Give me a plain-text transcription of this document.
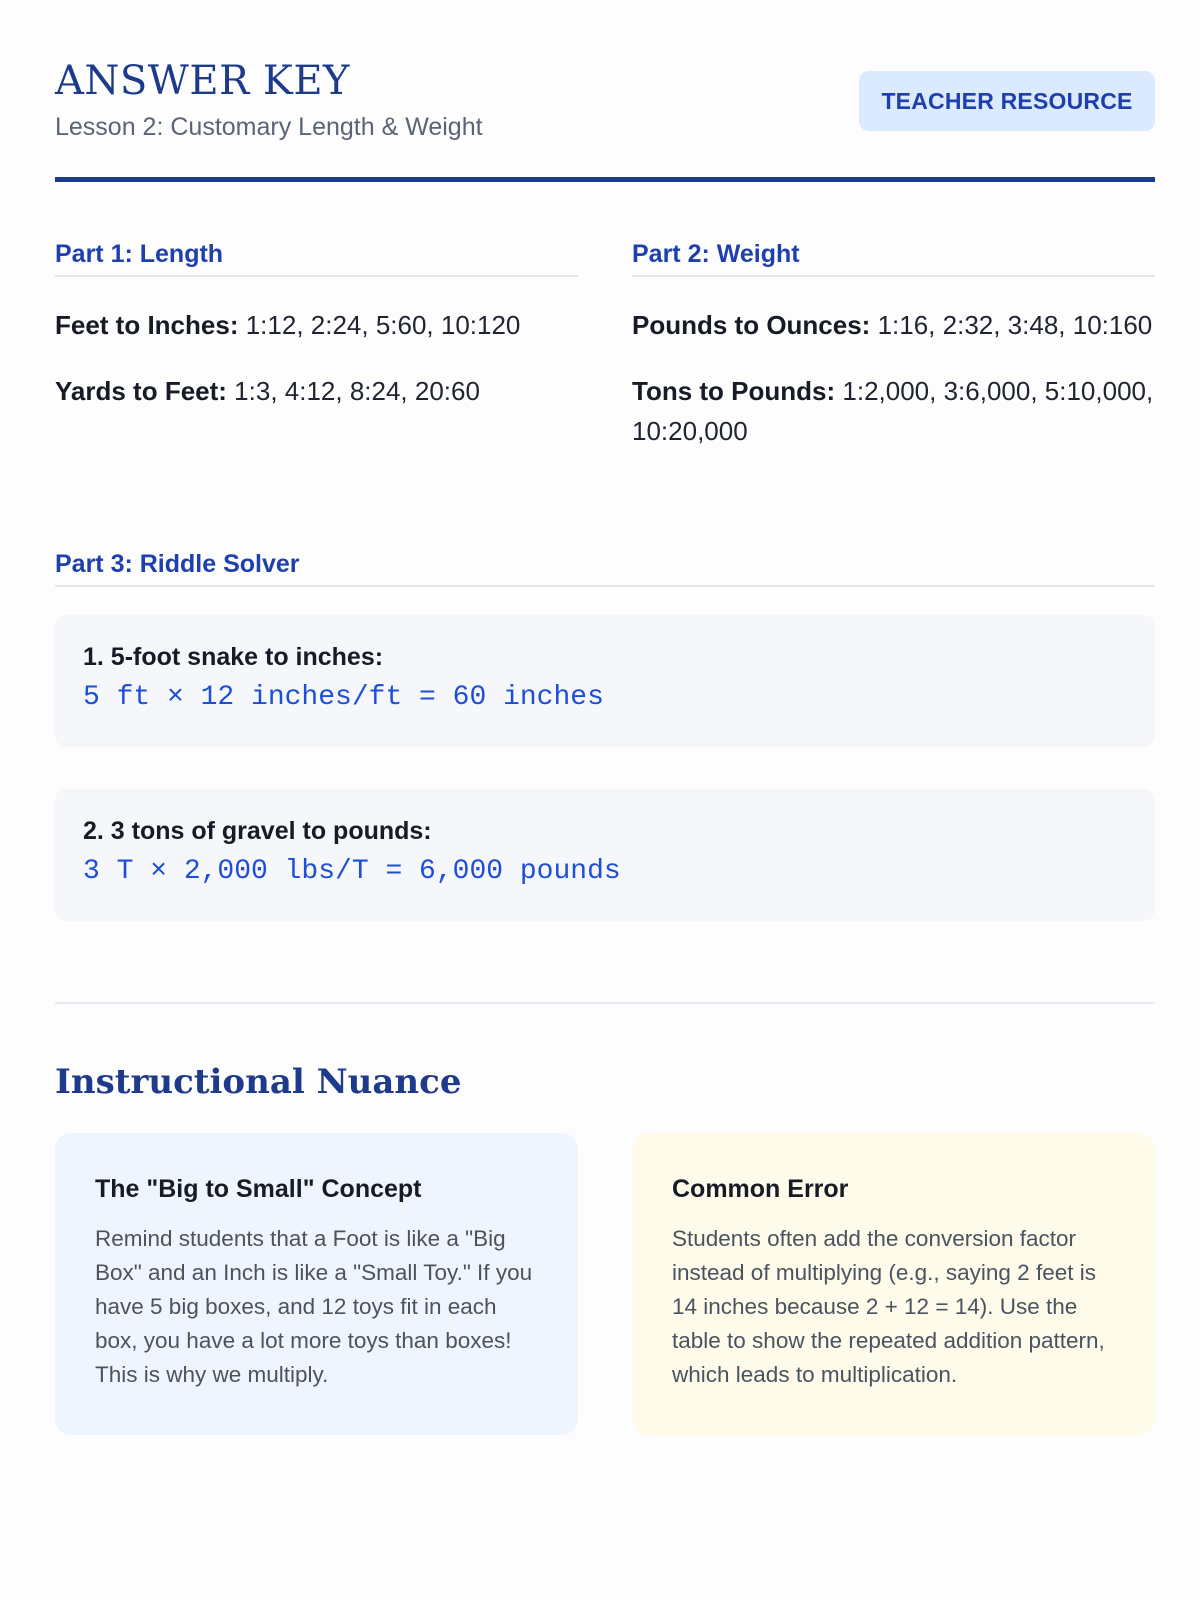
ANSWER KEY
Lesson 2: Customary Length & Weight
TEACHER RESOURCE
Part 1: Length

Feet to Inches: 1:12, 2:24, 5:60, 10:120

Yards to Feet: 1:3, 4:12, 8:24, 20:60

Part 2: Weight

Pounds to Ounces: 1:16, 2:32, 3:48, 10:160

Tons to Pounds: 1:2,000, 3:6,000, 5:10,000, 10:20,000

Part 3: Riddle Solver
1. 5-foot snake to inches:
5 ft × 12 inches/ft = 60 inches
2. 3 tons of gravel to pounds:
3 T × 2,000 lbs/T = 6,000 pounds
Instructional Nuance
The "Big to Small" Concept

Remind students that a Foot is like a "Big Box" and an Inch is like a "Small Toy." If you have 5 big boxes, and 12 toys fit in each box, you have a lot more toys than boxes! This is why we multiply.

Common Error

Students often add the conversion factor instead of multiplying (e.g., saying 2 feet is 14 inches because 2 + 12 = 14). Use the table to show the repeated addition pattern, which leads to multiplication.
